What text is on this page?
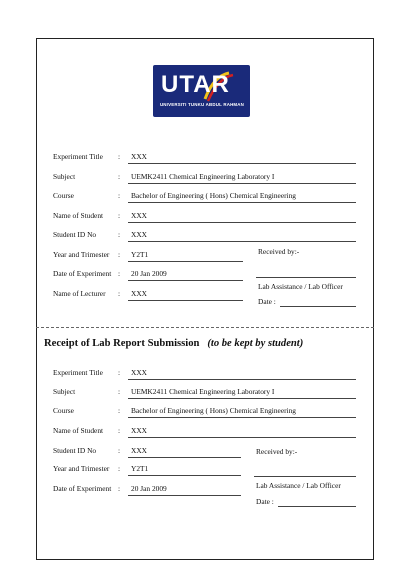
UTAR
UNIVERSITI TUNKU ABDUL RAHMAN
Experiment Title : XXX
Subject	: UEMK2411 Chemical Engineering Laboratory I
Course	: Bachelor of Engineering ( Hons) Chemical Engineering
Name of Student : XXX
Student ID No	: XXX
Year and Trimester : Y2T1
Date of Experiment : 20 Jan 2009
Name of Lecturer : XXX
Received by:-
Lab Assistance / Lab Officer
Date :
Receipt of Lab Report Submission (to be kept by student)
Experiment Title : XXX
Subject	: UEMK2411 Chemical Engineering Laboratory I
Course	: Bachelor of Engineering ( Hons) Chemical Engineering
Name of Student : XXX
Student ID No	: XXX
Year and Trimester : Y2T1
Date of Experiment : 20 Jan 2009
Received by:-
Lab Assistance / Lab Officer
Date :
